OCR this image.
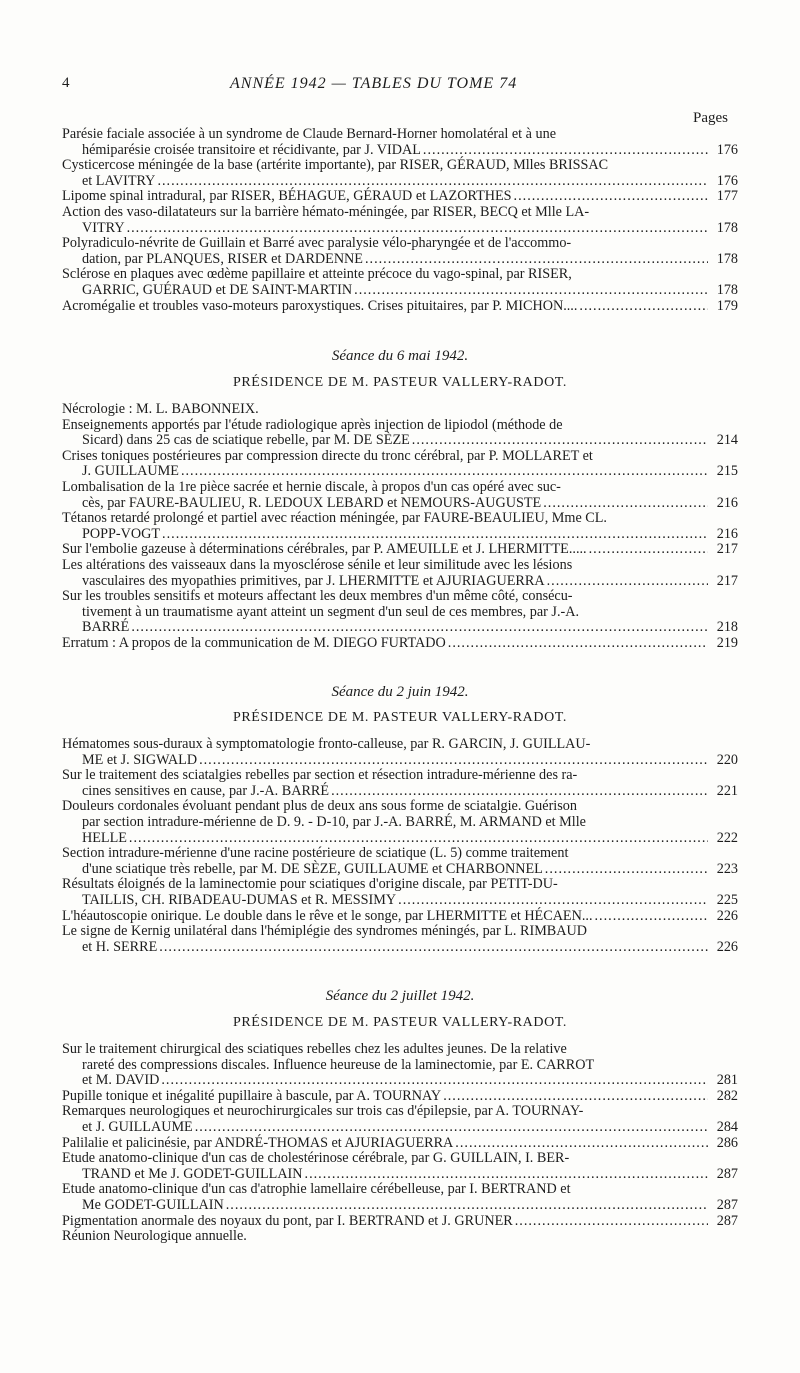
4	ANNÉE 1942 — TABLES DU TOME 74
Pages
Parésie faciale associée à un syndrome de Claude Bernard-Horner homolatéral et à une
hémiparésie croisée transitoire et récidivante, par J. VIDAL .....	176
Cysticercose méningée de la base (artérite importante), par RISER, GÉRAUD, Mlles BRISSAC
et LAVITRY .....	176
Lipome spinal intradural, par RISER, BÉHAGUE, GÉRAUD et LAZORTHES .....	177
Action des vaso-dilatateurs sur la barrière hémato-méningée, par RISER, BECQ et Mlle LA-
VITRY .....	178
Polyradiculo-névrite de Guillain et Barré avec paralysie vélo-pharyngée et de l'accommo-
dation, par PLANQUES, RISER et DARDENNE .....	178
Sclérose en plaques avec œdème papillaire et atteinte précoce du vago-spinal, par RISER,
GARRIC, GUÉRAUD et DE SAINT-MARTIN .....	178
Acromégalie et troubles vaso-moteurs paroxystiques. Crises pituitaires, par P. MICHON.... .....	179
Séance du 6 mai 1942.
PRÉSIDENCE DE M. PASTEUR VALLERY-RADOT.
Nécrologie : M. L. BABONNEIX.
Enseignements apportés par l'étude radiologique après injection de lipiodol (méthode de
Sicard) dans 25 cas de sciatique rebelle, par M. DE SÈZE .....	214
Crises toniques postérieures par compression directe du tronc cérébral, par P. MOLLARET et
J. GUILLAUME .....	215
Lombalisation de la 1re pièce sacrée et hernie discale, à propos d'un cas opéré avec suc-
cès, par FAURE-BAULIEU, R. LEDOUX LEBARD et NEMOURS-AUGUSTE .....	216
Tétanos retardé prolongé et partiel avec réaction méningée, par FAURE-BEAULIEU, Mme CL.
POPP-VOGT .....	216
Sur l'embolie gazeuse à déterminations cérébrales, par P. AMEUILLE et J. LHERMITTE..... .....	217
Les altérations des vaisseaux dans la myosclérose sénile et leur similitude avec les lésions
vasculaires des myopathies primitives, par J. LHERMITTE et AJURIAGUERRA .....	217
Sur les troubles sensitifs et moteurs affectant les deux membres d'un même côté, consécu-
tivement à un traumatisme ayant atteint un segment d'un seul de ces membres, par J.-A.
BARRÉ .....	218
Erratum : A propos de la communication de M. DIEGO FURTADO .....	219
Séance du 2 juin 1942.
PRÉSIDENCE DE M. PASTEUR VALLERY-RADOT.
Hématomes sous-duraux à symptomatologie fronto-calleuse, par R. GARCIN, J. GUILLAU-
ME et J. SIGWALD .....	220
Sur le traitement des sciatalgies rebelles par section et résection intradure-mérienne des ra-
cines sensitives en cause, par J.-A. BARRÉ .....	221
Douleurs cordonales évoluant pendant plus de deux ans sous forme de sciatalgie. Guérison
par section intradure-mérienne de D. 9. - D-10, par J.-A. BARRÉ, M. ARMAND et Mlle
HELLE .....	222
Section intradure-mérienne d'une racine postérieure de sciatique (L. 5) comme traitement
d'une sciatique très rebelle, par M. DE SÈZE, GUILLAUME et CHARBONNEL .....	223
Résultats éloignés de la laminectomie pour sciatiques d'origine discale, par PETIT-DU-
TAILLIS, CH. RIBADEAU-DUMAS et R. MESSIMY .....	225
L'héautoscopie onirique. Le double dans le rêve et le songe, par LHERMITTE et HÉCAEN... .....	226
Le signe de Kernig unilatéral dans l'hémiplégie des syndromes méningés, par L. RIMBAUD
et H. SERRE .....	226
Séance du 2 juillet 1942.
PRÉSIDENCE DE M. PASTEUR VALLERY-RADOT.
Sur le traitement chirurgical des sciatiques rebelles chez les adultes jeunes. De la relative
rareté des compressions discales. Influence heureuse de la laminectomie, par E. CARROT
et M. DAVID .....	281
Pupille tonique et inégalité pupillaire à bascule, par A. TOURNAY .....	282
Remarques neurologiques et neurochirurgicales sur trois cas d'épilepsie, par A. TOURNAY-
et J. GUILLAUME .....	284
Palilalie et palicinésie, par ANDRÉ-THOMAS et AJURIAGUERRA .....	286
Etude anatomo-clinique d'un cas de cholestérinose cérébrale, par G. GUILLAIN, I. BER-
TRAND et Me J. GODET-GUILLAIN .....	287
Etude anatomo-clinique d'un cas d'atrophie lamellaire cérébelleuse, par I. BERTRAND et
Me GODET-GUILLAIN .....	287
Pigmentation anormale des noyaux du pont, par I. BERTRAND et J. GRUNER .....	287
Réunion Neurologique annuelle.
